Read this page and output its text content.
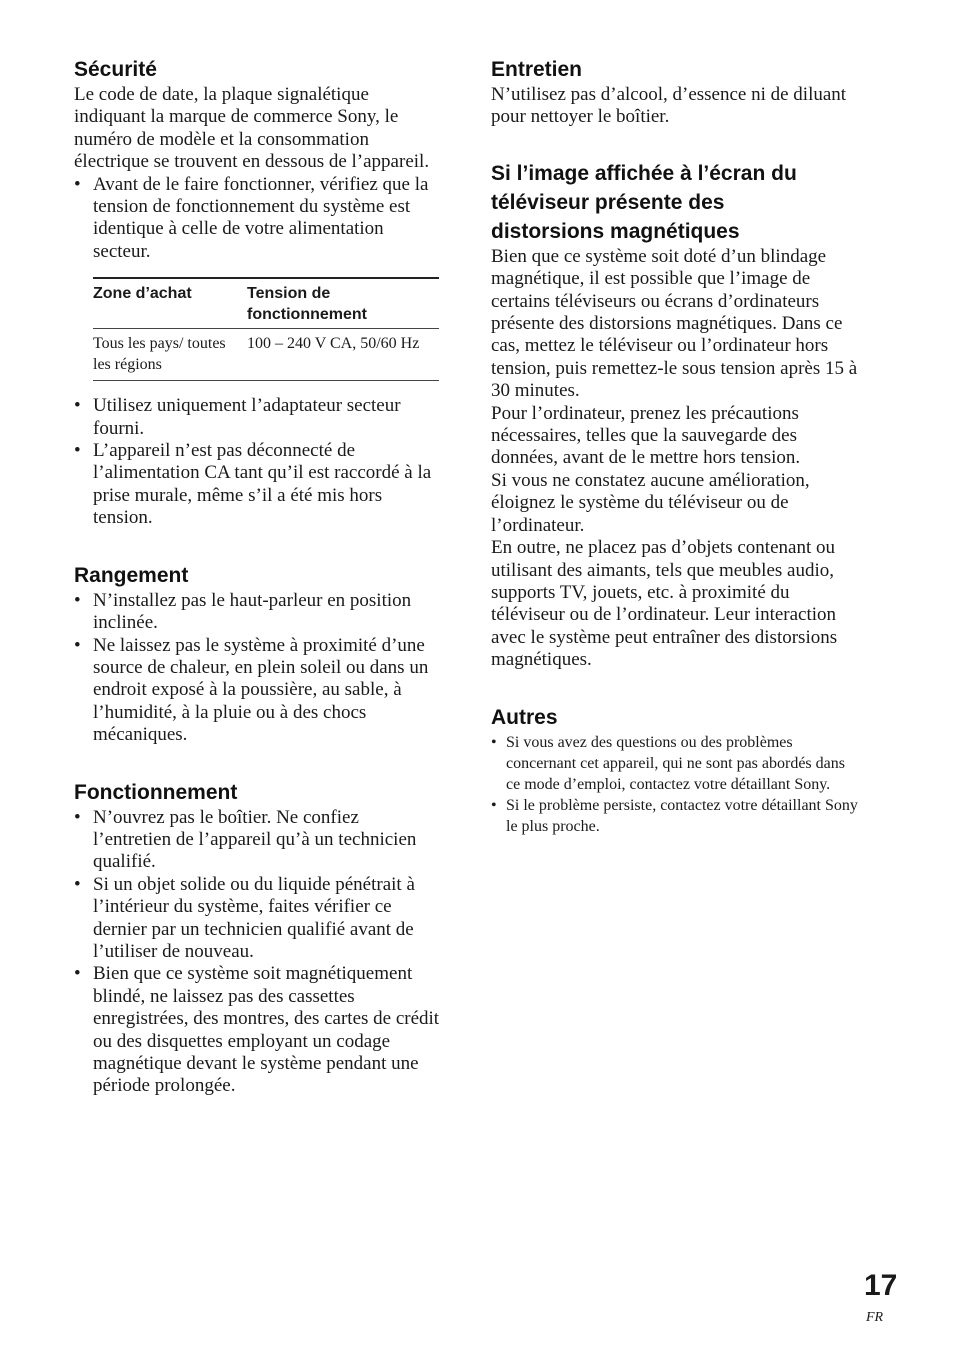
Sécurité

Le code de date, la plaque signalétique indiquant la marque de commerce Sony, le numéro de modèle et la consommation électrique se trouvent en dessous de l’appareil.

• Avant de le faire fonctionner, vérifiez que la tension de fonctionnement du système est identique à celle de votre alimentation secteur.
Zone d’achat	Tension de fonctionnement
Tous les pays/ toutes les régions
100 – 240 V CA, 50/60 Hz
• Utilisez uniquement l’adaptateur secteur fourni.
• L’appareil n’est pas déconnecté de l’alimentation CA tant qu’il est raccordé à la prise murale, même s’il a été mis hors tension.
Rangement
• N’installez pas le haut-parleur en position inclinée.
• Ne laissez pas le système à proximité d’une source de chaleur, en plein soleil ou dans un endroit exposé à la poussière, au sable, à l’humidité, à la pluie ou à des chocs mécaniques.
Fonctionnement
• N’ouvrez pas le boîtier. Ne confiez l’entretien de l’appareil qu’à un technicien qualifié.
• Si un objet solide ou du liquide pénétrait à l’intérieur du système, faites vérifier ce dernier par un technicien qualifié avant de l’utiliser de nouveau.
• Bien que ce système soit magnétiquement blindé, ne laissez pas des cassettes enregistrées, des montres, des cartes de crédit ou des disquettes employant un codage magnétique devant le système pendant une période prolongée.
Entretien

N’utilisez pas d’alcool, d’essence ni de diluant pour nettoyer le boîtier.

Si l’image affichée à l’écran du
téléviseur présente des
distorsions magnétiques

Bien que ce système soit doté d’un blindage magnétique, il est possible que l’image de certains téléviseurs ou écrans d’ordinateurs présente des distorsions magnétiques. Dans ce cas, mettez le téléviseur ou l’ordinateur hors tension, puis remettez-le sous tension après 15 à 30 minutes.

Pour l’ordinateur, prenez les précautions nécessaires, telles que la sauvegarde des données, avant de le mettre hors tension.

Si vous ne constatez aucune amélioration, éloignez le système du téléviseur ou de l’ordinateur.

En outre, ne placez pas d’objets contenant ou utilisant des aimants, tels que meubles audio, supports TV, jouets, etc. à proximité du téléviseur ou de l’ordinateur. Leur interaction avec le système peut entraîner des distorsions magnétiques.

Autres
• Si vous avez des questions ou des problèmes concernant cet appareil, qui ne sont pas abordés dans ce mode d’emploi, contactez votre détaillant Sony.
• Si le problème persiste, contactez votre détaillant Sony le plus proche.
17
FR
